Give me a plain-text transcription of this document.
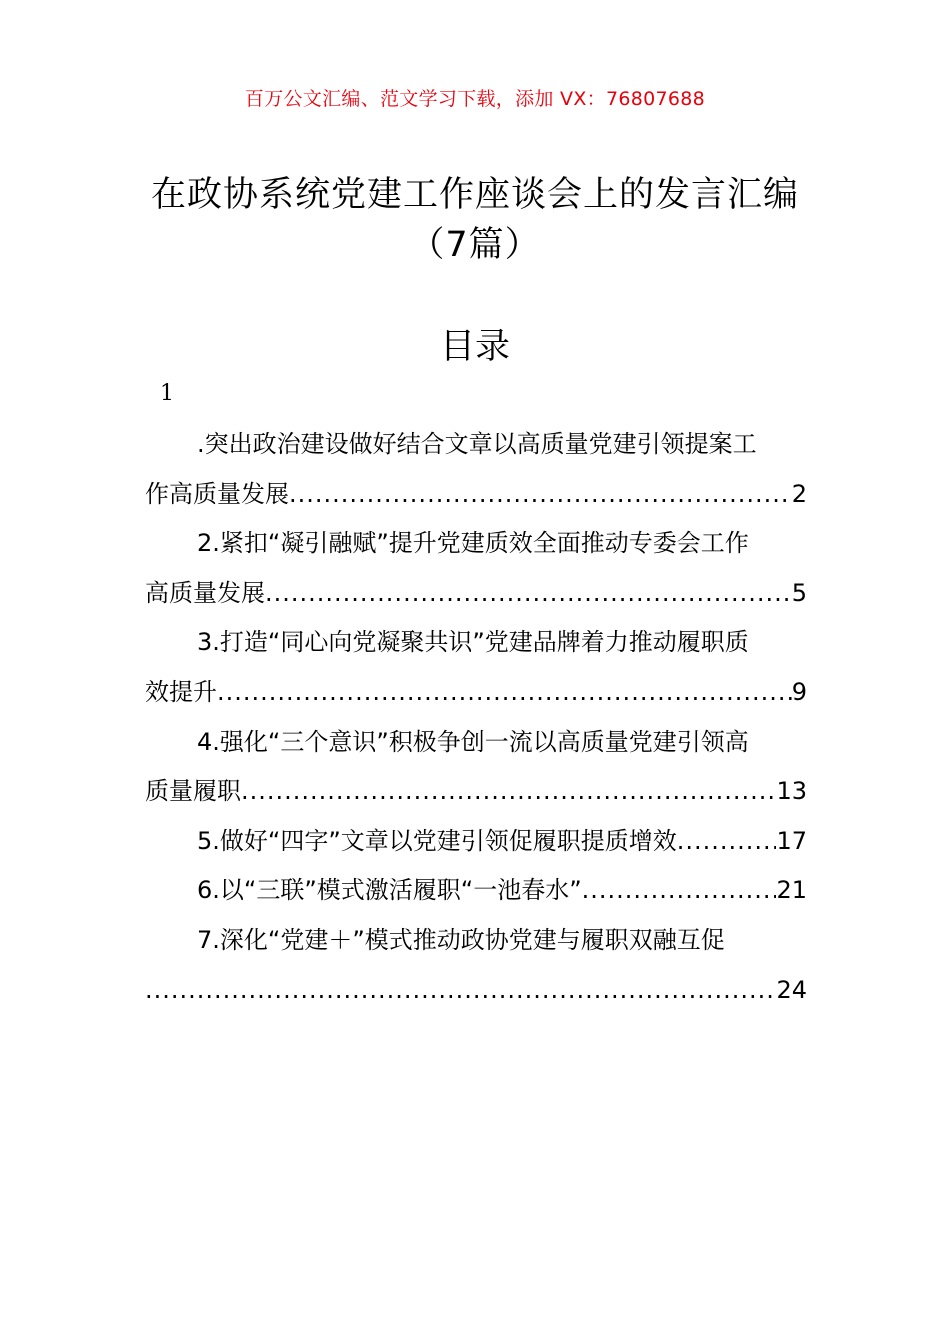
百万公文汇编、范文学习下载，添加 VX：76807688
在政协系统党建工作座谈会上的发言汇编
（7篇）
目录
1
.突出政治建设做好结合文章以高质量党建引领提案工
作高质量发展 .....	2
2.紧扣“凝引融赋”提升党建质效全面推动专委会工作
高质量发展 .....	5
3.打造“同心向党凝聚共识”党建品牌着力推动履职质
效提升 .....	9
4.强化“三个意识”积极争创一流以高质量党建引领高
质量履职 .....	13
5.做好“四字”文章以党建引领促履职提质增效 .....	17
6.以“三联”模式激活履职“一池春水” .....	21
7.深化“党建＋”模式推动政协党建与履职双融互促
.....
24
